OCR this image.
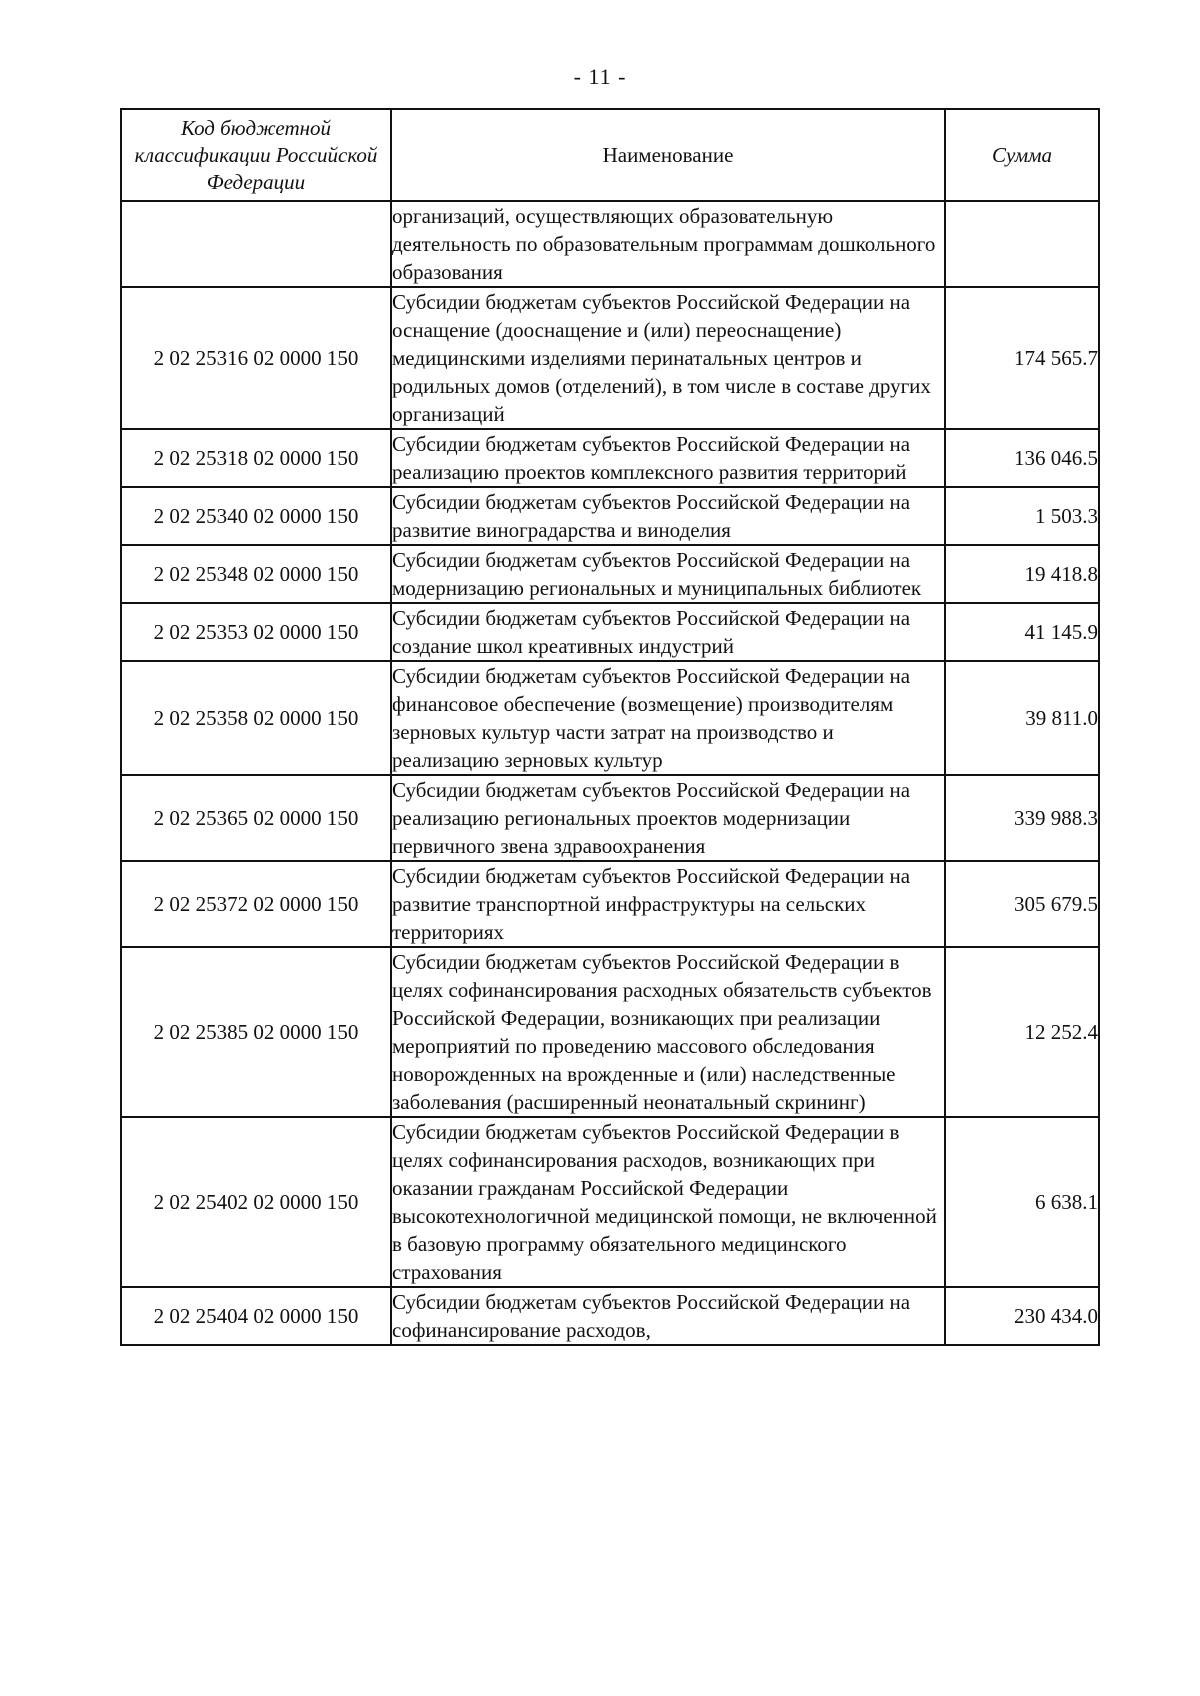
- 11 -
Код бюджетной классификации Российской Федерации	Наименование	Сумма
	организаций, осуществляющих образовательную деятельность по образовательным программам дошкольного образования	
2 02 25316 02 0000 150	Субсидии бюджетам субъектов Российской Федерации на оснащение (дооснащение и (или) переоснащение) медицинскими изделиями перинатальных центров и родильных домов (отделений), в том числе в составе других организаций	174 565.7
2 02 25318 02 0000 150	Субсидии бюджетам субъектов Российской Федерации на реализацию проектов комплексного развития территорий	136 046.5
2 02 25340 02 0000 150	Субсидии бюджетам субъектов Российской Федерации на развитие виноградарства и виноделия	1 503.3
2 02 25348 02 0000 150	Субсидии бюджетам субъектов Российской Федерации на модернизацию региональных и муниципальных библиотек	19 418.8
2 02 25353 02 0000 150	Субсидии бюджетам субъектов Российской Федерации на создание школ креативных индустрий	41 145.9
2 02 25358 02 0000 150	Субсидии бюджетам субъектов Российской Федерации на финансовое обеспечение (возмещение) производителям зерновых культур части затрат на производство и реализацию зерновых культур	39 811.0
2 02 25365 02 0000 150	Субсидии бюджетам субъектов Российской Федерации на реализацию региональных проектов модернизации первичного звена здравоохранения	339 988.3
2 02 25372 02 0000 150	Субсидии бюджетам субъектов Российской Федерации на развитие транспортной инфраструктуры на сельских территориях	305 679.5
2 02 25385 02 0000 150	Субсидии бюджетам субъектов Российской Федерации в целях софинансирования расходных обязательств субъектов Российской Федерации, возникающих при реализации мероприятий по проведению массового обследования новорожденных на врожденные и (или) наследственные заболевания (расширенный неонатальный скрининг)	12 252.4
2 02 25402 02 0000 150	Субсидии бюджетам субъектов Российской Федерации в целях софинансирования расходов, возникающих при оказании гражданам Российской Федерации высокотехнологичной медицинской помощи, не включенной в базовую программу обязательного медицинского страхования	6 638.1
2 02 25404 02 0000 150	Субсидии бюджетам субъектов Российской Федерации на софинансирование расходов,	230 434.0
